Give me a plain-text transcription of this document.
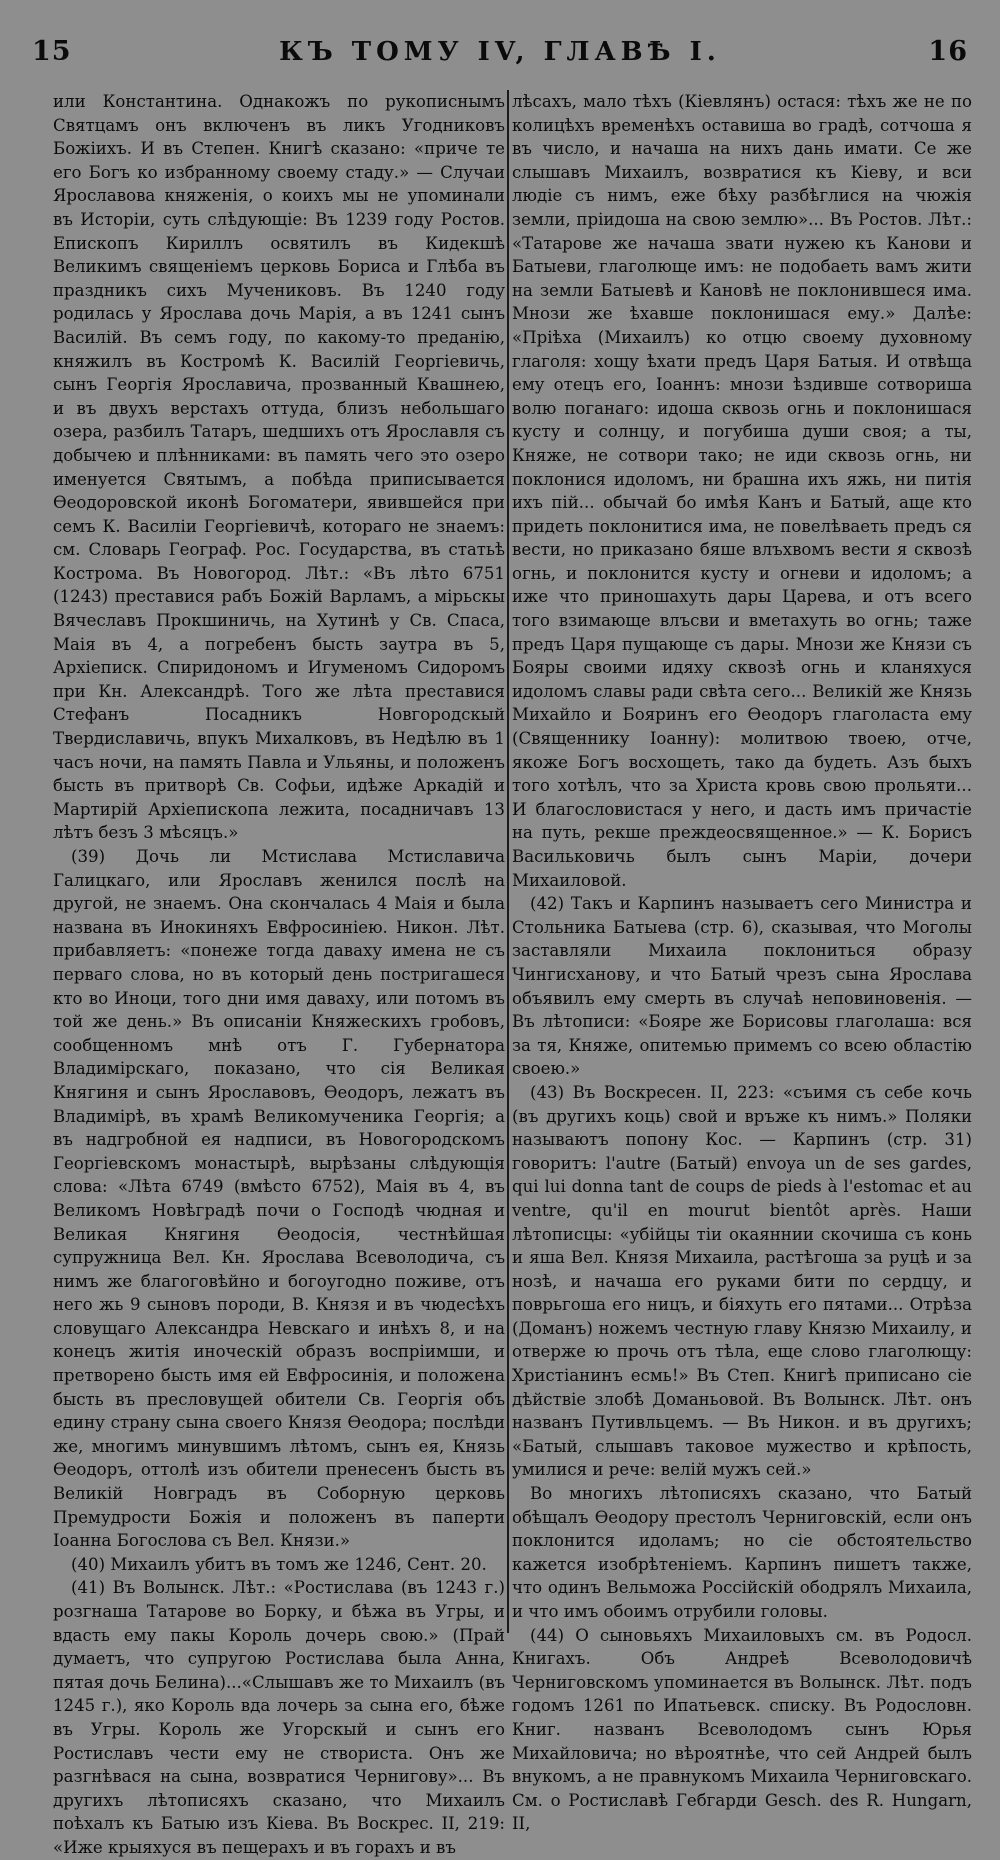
15	КЪ ТОМУ IV, ГЛАВѢ I.	16

или Константина. Однакожъ по рукописнымъ Святцамъ онъ включенъ въ ликъ Угодниковъ Божіихъ. И въ Степен. Книгѣ сказано: «приче те его Богъ ко избранному своему стаду.» — Случаи Ярославова княженія, о коихъ мы не упоминали въ Исторіи, суть слѣдующіе: Въ 1239 году Ростов. Епископъ Кириллъ освятилъ въ Кидекшѣ Великимъ священіемъ церковь Бориса и Глѣба въ праздникъ сихъ Мучениковъ. Въ 1240 году родилась у Ярослава дочь Марія, а въ 1241 сынъ Василій. Въ семъ году, по какому-то преданію, княжилъ въ Костромѣ К. Василій Георгіевичь, сынъ Георгія Ярославича, прозванный Квашнею, и въ двухъ верстахъ оттуда, близъ небольшаго озера, разбилъ Татаръ, шедшихъ отъ Ярославля съ добычею и плѣнниками: въ память чего это озеро именуется Святымъ, а побѣда приписывается Ѳеодоровской иконѣ Богоматери, явившейся при семъ К. Василіи Георгіевичѣ, котораго не знаемъ: см. Словарь Географ. Рос. Государства, въ статьѣ Кострома. Въ Новогород. Лѣт.: «Въ лѣто 6751 (1243) преставися рабъ Божій Варламъ, а мірьскы Вячеславъ Прокшиничь, на Хутинѣ у Св. Спаса, Маія въ 4, а погребенъ бысть заутра въ 5, Архіеписк. Спиридономъ и Игуменомъ Сидоромъ при Кн. Александрѣ. Того же лѣта преставися Стефанъ Посадникъ Новгородскый Твердиславичь, впукъ Михалковъ, въ Недѣлю въ 1 часъ ночи, на память Павла и Ульяны, и положенъ бысть въ притворѣ Св. Софьи, идѣже Аркадій и Мартирій Архіепископа лежита, посадничавъ 13 лѣтъ безъ 3 мѣсяцъ.»

(39) Дочь ли Мстислава Мстиславича Галицкаго, или Ярославъ женился послѣ на другой, не знаемъ. Она скончалась 4 Маія и была названа въ Инокиняхъ Евфросиніею. Никон. Лѣт. прибавляетъ: «понеже тогда даваху имена не съ перваго слова, но въ который день постригашеся кто во Иноци, того дни имя даваху, или потомъ въ той же день.» Въ описаніи Княжескихъ гробовъ, сообщенномъ мнѣ отъ Г. Губернатора Владимірскаго, показано, что сія Великая Княгиня и сынъ Ярославовъ, Ѳеодоръ, лежатъ въ Владимірѣ, въ храмѣ Великомученика Георгія; а въ надгробной ея надписи, въ Новогородскомъ Георгіевскомъ монастырѣ, вырѣзаны слѣдующія слова: «Лѣта 6749 (вмѣсто 6752), Маія въ 4, въ Великомъ Новѣградѣ почи о Господѣ чюдная и Великая Княгиня Ѳеодосія, честнѣйшая супружница Вел. Кн. Ярослава Всеволодича, съ нимъ же благоговѣйно и богоугодно поживе, отъ него жь 9 сыновъ породи, В. Князя и въ чюдесѣхъ словущаго Александра Невскаго и инѣхъ 8, и на конецъ житія иноческій образъ воспріимши, и претворено бысть имя ей Евфросинія, и положена бысть въ пресловущей обители Св. Георгія объ едину страну сына своего Князя Ѳеодора; послѣди же, многимъ минувшимъ лѣтомъ, сынъ ея, Князь Ѳеодоръ, оттолѣ изъ обители пренесенъ бысть въ Великій Новградъ въ Соборную церковь Премудрости Божія и положенъ въ паперти Іоанна Богослова съ Вел. Князи.»

(40) Михаилъ убитъ въ томъ же 1246, Сент. 20.

(41) Въ Волынск. Лѣт.: «Ростислава (въ 1243 г.) розгнаша Татарове во Борку, и бѣжа въ Угры, и вдасть ему пакы Король дочерь свою.» (Прай думаетъ, что супругою Ростислава была Анна, пятая дочь Белина)...«Слышавъ же то Михаилъ (въ 1245 г.), яко Король вда лочерь за сына его, бѣже въ Угры. Король же Угорскый и сынъ его Ростиславъ чести ему не створиста. Онъ же разгнѣвася на сына, возвратися Чернигову»... Въ другихъ лѣтописяхъ сказано, что Михаилъ поѣхалъ къ Батыю изъ Кіева. Въ Воскрес. II, 219: «Иже крыяхуся въ пещерахъ и въ горахъ и въ

лѣсахъ, мало тѣхъ (Кіевлянъ) остася: тѣхъ же не по колицѣхъ временѣхъ оставиша во градѣ, сотчоша я въ число, и начаша на нихъ дань имати. Се же слышавъ Михаилъ, возвратися къ Кіеву, и вси людіе съ нимъ, еже бѣху разбѣглися на чюжія земли, пріидоша на свою землю»... Въ Ростов. Лѣт.: «Татарове же начаша звати нужею къ Канови и Батыеви, глаголюще имъ: не подобаеть вамъ жити на земли Батыевѣ и Кановѣ не поклонившеся има. Мнози же ѣхавше поклонишася ему.» Далѣе: «Пріѣха (Михаилъ) ко отцю своему духовному глаголя: хощу ѣхати предъ Царя Батыя. И отвѣща ему отецъ его, Іоаннъ: мнози ѣздивше сотвориша волю поганаго: идоша сквозь огнь и поклонишася кусту и солнцу, и погубиша души своя; а ты, Княже, не сотвори тако; не иди сквозь огнь, ни поклонися идоломъ, ни брашна ихъ яжь, ни питія ихъ пій... обычай бо имѣя Канъ и Батый, аще кто придеть поклонитися има, не повелѣваеть предъ ся вести, но приказано бяше влъхвомъ вести я сквозѣ огнь, и поклонится кусту и огневи и идоломъ; а иже что приношахуть дары Царева, и отъ всего того взимающе влъсви и вметахуть во огнь; таже предъ Царя пущающе съ дары. Мнози же Князи съ Бояры своими идяху сквозѣ огнь и кланяхуся идоломъ славы ради свѣта сего... Великій же Князь Михайло и Бояринъ его Ѳеодоръ глаголаста ему (Священнику Іоанну): молитвою твоею, отче, якоже Богъ восхощеть, тако да будеть. Азъ быхъ того хотѣлъ, что за Христа кровь свою прольяти... И благословистася у него, и дасть имъ причастіе на путь, рекше преждеосвященное.» — К. Борисъ Васильковичь былъ сынъ Маріи, дочери Михаиловой.

(42) Такъ и Карпинъ называетъ сего Министра и Стольника Батыева (стр. 6), сказывая, что Моголы заставляли Михаила поклониться образу Чингисханову, и что Батый чрезъ сына Ярослава объявилъ ему смерть въ случаѣ неповиновенія. — Въ лѣтописи: «Бояре же Борисовы глаголаша: вся за тя, Княже, опитемью примемъ со всею областію своею.»

(43) Въ Воскресен. II, 223: «съимя съ себе кочь (въ другихъ коць) свой и връже къ нимъ.» Поляки называютъ попону Кос. — Карпинъ (стр. 31) говоритъ: l'autre (Батый) envoya un de ses gardes, qui lui donna tant de coups de pieds à l'estomac et au ventre, qu'il en mourut bientôt après. Наши лѣтописцы: «убійцы тіи окаяннии скочиша съ конь и яша Вел. Князя Михаила, растѣгоша за руцѣ и за нозѣ, и начаша его руками бити по сердцу, и поврьгоша его ницъ, и біяхуть его пятами... Отрѣза (Доманъ) ножемъ честную главу Князю Михаилу, и отверже ю прочь отъ тѣла, еще слово глаголющу: Христіанинъ есмь!» Въ Степ. Книгѣ приписано сіе дѣйствіе злобѣ Доманьовой. Въ Волынск. Лѣт. онъ названъ Путивльцемъ. — Въ Никон. и въ другихъ; «Батый, слышавъ таковое мужество и крѣпость, умилися и рече: велій мужъ сей.»

Во многихъ лѣтописяхъ сказано, что Батый обѣщалъ Ѳеодору престолъ Черниговскій, если онъ поклонится идоламъ; но сіе обстоятельство кажется изобрѣтеніемъ. Карпинъ пишетъ также, что одинъ Вельможа Россійскій ободрялъ Михаила, и что имъ обоимъ отрубили головы.

(44) О сыновьяхъ Михаиловыхъ см. въ Родосл. Книгахъ. Объ Андреѣ Всеволодовичѣ Черниговскомъ упоминается въ Волынск. Лѣт. подъ годомъ 1261 по Ипатьевск. списку. Въ Родословн. Книг. названъ Всеволодомъ сынъ Юрья Михайловича; но вѣроятнѣе, что сей Андрей былъ внукомъ, а не правнукомъ Михаила Черниговскаго. См. о Ростиславѣ Гебгарди Gesch. des R. Hungarn, II,
